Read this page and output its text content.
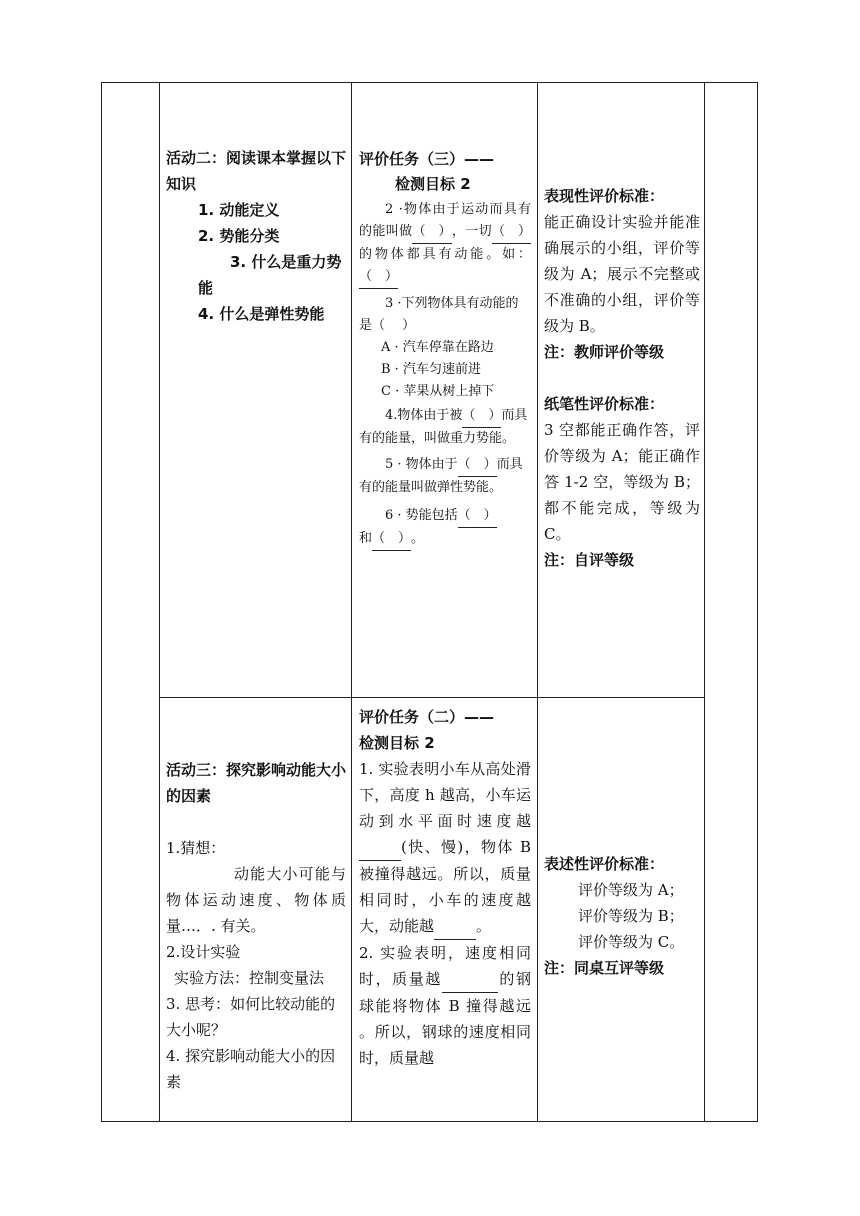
活动二：阅读课本掌握以下知识

1. 动能定义

2. 势能分类

3. 什么是重力势能

4. 什么是弹性势能

评价任务（三）——

检测目标 2

2 ·物体由于运动而具有的能叫做（　），一切（　）的物体都具有动能。如：（　）

3 ·下列物体具有动能的是（　 ）

A · 汽车停靠在路边

B · 汽车匀速前进

C · 苹果从树上掉下

4.物体由于被（　）而具有的能量，叫做重力势能。
5 · 物体由于（　）而具有的能量叫做弹性势能。
6 · 势能包括（　）
和（　）。

表现性评价标准：

能正确设计实验并能准确展示的小组，评价等级为 A；展示不完整或不准确的小组，评价等级为 B。

注：教师评价等级

纸笔性评价标准：

3 空都能正确作答，评价等级为 A；能正确作答 1-2 空，等级为 B；都不能完成，等级为 C。

注：自评等级

活动三：探究影响动能大小的因素

1.猜想：

动能大小可能与物体运动速度、物体质量…．. 有关。

2.设计实验

实验方法：控制变量法

3. 思考：如何比较动能的大小呢？

4. 探究影响动能大小的因素

评价任务（二）——

检测目标 2

1. 实验表明小车从高处滑下，高度 h 越高，小车运动到水平面时速度越 (快、慢)，物体 B 被撞得越远。所以，质量相同时，小车的速度越大，动能越	。
2. 实验表明，速度相同时，质量越	的钢球能将物体 B 撞得越远 。所以，钢球的速度相同时，质量越

表述性评价标准：

评价等级为 A；

评价等级为 B；

评价等级为 C。

注：同桌互评等级
